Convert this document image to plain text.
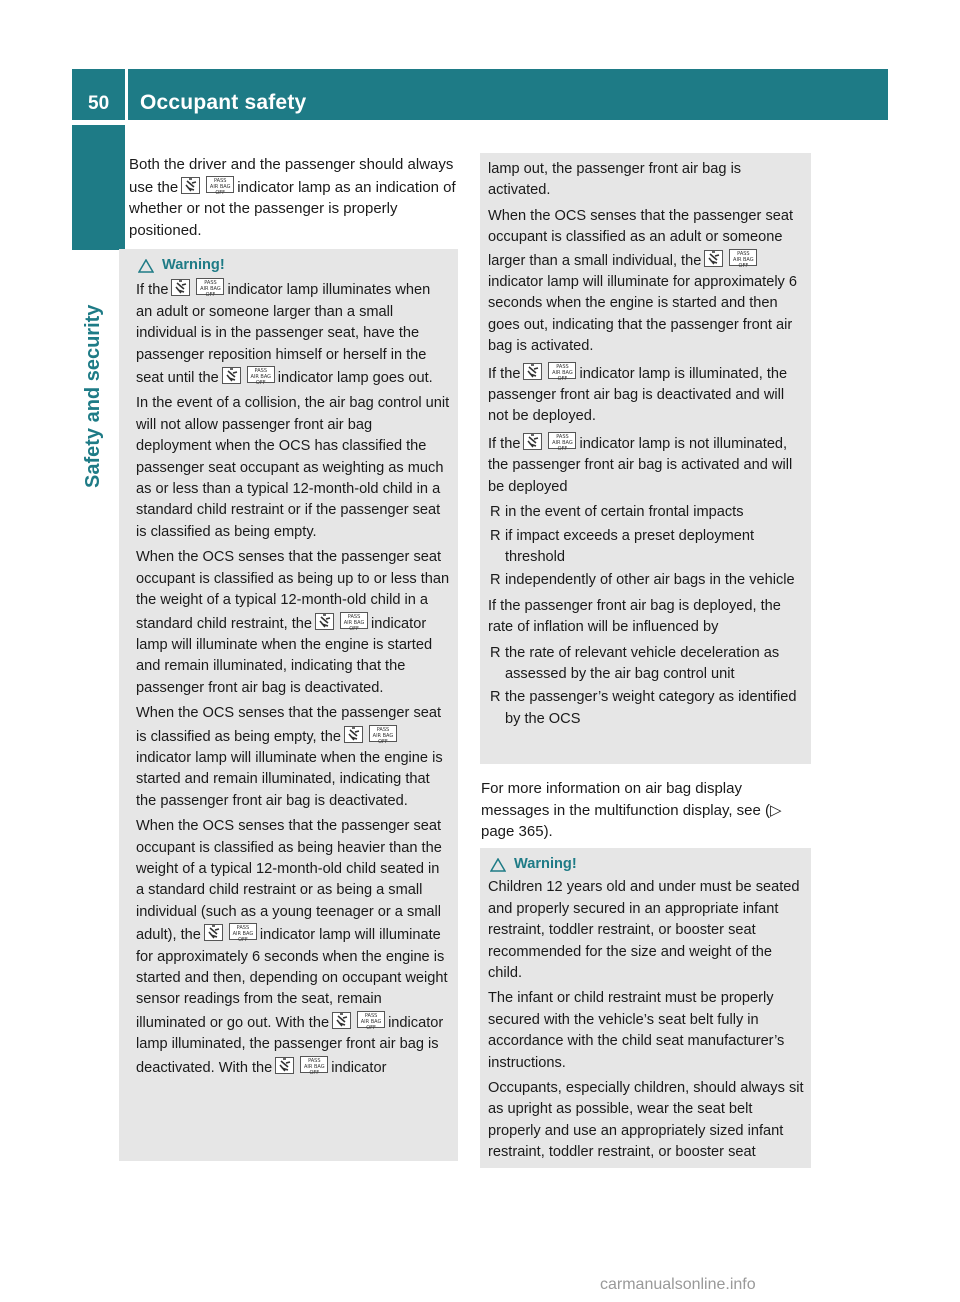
50 Occupant safety
Safety and security

Both the driver and the passenger should always use the	PASS
AIR BAG OFF indicator lamp as an indication of whether or not the passenger is properly positioned.

Warning!

If the	PASS
AIR BAG OFF indicator lamp illuminates when an adult or someone larger than a small individual is in the passenger seat, have the passenger reposition himself or herself in the seat until the	PASS
AIR BAG OFF indicator lamp goes out.

In the event of a collision, the air bag control unit will not allow passenger front air bag deployment when the OCS has classified the passenger seat occupant as weighting as much as or less than a typical 12-month-old child in a standard child restraint or if the passenger seat is classified as being empty.

When the OCS senses that the passenger seat occupant is classified as being up to or less than the weight of a typical 12-month-old child in a standard child restraint, the	PASS
AIR BAG OFF indicator lamp will illuminate when the engine is started and remain illuminated, indicating that the passenger front air bag is deactivated.

When the OCS senses that the passenger seat is classified as being empty, the	PASS
AIR BAG OFF
indicator lamp will illuminate when the engine is started and remain illuminated, indicating that the passenger front air bag is deactivated.

When the OCS senses that the passenger seat occupant is classified as being heavier than the weight of a typical 12-month-old child seated in a standard child restraint or as being a small individual (such as a young teenager or a small adult), the	PASS
AIR BAG OFF indicator lamp will illuminate for approximately 6 seconds when the engine is started and then, depending on occupant weight sensor readings from the seat, remain illuminated or go out. With the	PASS
AIR BAG OFF indicator lamp illuminated, the passenger front air bag is deactivated. With the	PASS
AIR BAG OFF indicator

lamp out, the passenger front air bag is activated.

When the OCS senses that the passenger seat occupant is classified as an adult or someone larger than a small individual, the	PASS
AIR BAG OFF
indicator lamp will illuminate for approximately 6 seconds when the engine is started and then goes out, indicating that the passenger front air bag is activated.

If the	PASS
AIR BAG OFF indicator lamp is illuminated, the passenger front air bag is deactivated and will not be deployed.

If the	PASS
AIR BAG OFF indicator lamp is not illuminated, the passenger front air bag is activated and will be deployed

R in the event of certain frontal impacts
R if impact exceeds a preset deployment threshold
R independently of other air bags in the vehicle

If the passenger front air bag is deployed, the rate of inflation will be influenced by

R the rate of relevant vehicle deceleration as assessed by the air bag control unit
R the passenger’s weight category as identified by the OCS
For more information on air bag display messages in the multifunction display, see (▷ page 365).
Warning!

Children 12 years old and under must be seated and properly secured in an appropriate infant restraint, toddler restraint, or booster seat recommended for the size and weight of the child.

The infant or child restraint must be properly secured with the vehicle’s seat belt fully in accordance with the child seat manufacturer’s instructions.

Occupants, especially children, should always sit as upright as possible, wear the seat belt properly and use an appropriately sized infant restraint, toddler restraint, or booster seat

carmanualsonline.info
